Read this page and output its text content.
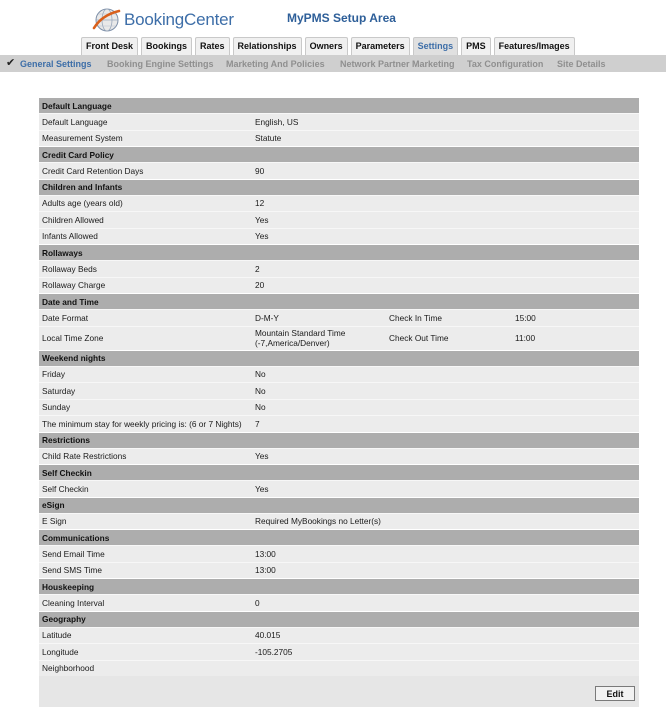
BookingCenter	MyPMS Setup Area
Front Desk	Bookings	Rates	Relationships	Owners	Parameters	Settings	PMS	Features/Images
✔ General Settings Booking Engine Settings Marketing And Policies Network Partner Marketing Tax Configuration Site Details
Default Language			
Default Language	English, US		
Measurement System	Statute		
Credit Card Policy			
Credit Card Retention Days	90		
Children and Infants			
Adults age (years old)	12		
Children Allowed	Yes		
Infants Allowed	Yes		
Rollaways			
Rollaway Beds	2		
Rollaway Charge	20		
Date and Time			
Date Format	D-M-Y	Check In Time	15:00
Local Time Zone	Mountain Standard Time (-7,America/Denver)	Check Out Time	11:00
Weekend nights			
Friday	No		
Saturday	No		
Sunday	No		
The minimum stay for weekly pricing is: (6 or 7 Nights)	7		
Restrictions			
Child Rate Restrictions	Yes		
Self Checkin			
Self Checkin	Yes		
eSign			
E Sign	Required MyBookings no Letter(s)		
Communications			
Send Email Time	13:00		
Send SMS Time	13:00		
Houskeeping			
Cleaning Interval	0		
Geography			
Latitude	40.015		
Longitude	-105.2705		
Neighborhood			
Edit
